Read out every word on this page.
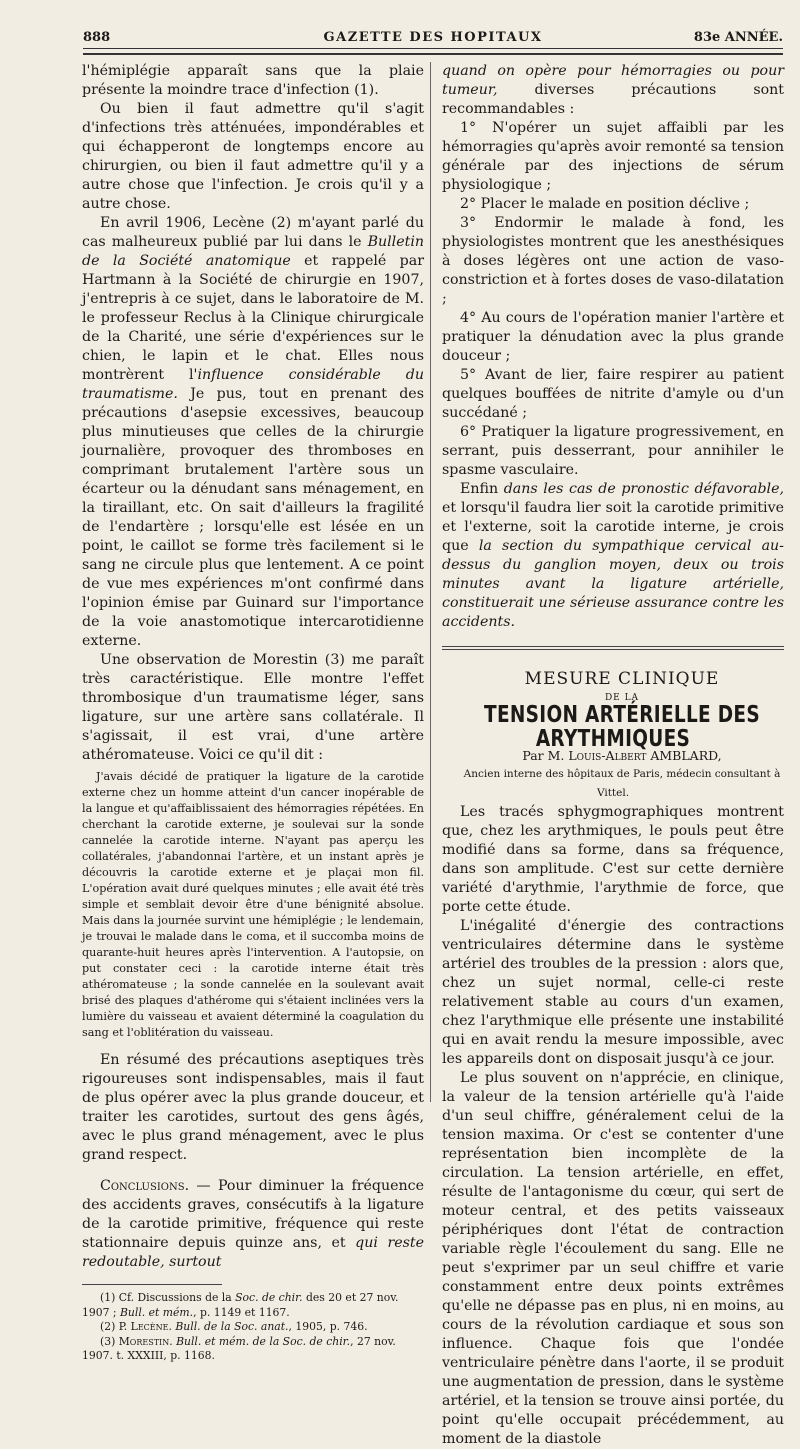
888	GAZETTE DES HOPITAUX	83e ANNÉE.

l'hémiplégie apparaît sans que la plaie présente la moindre trace d'infection (1).

Ou bien il faut admettre qu'il s'agit d'infections très atténuées, impondérables et qui échapperont de longtemps encore au chirurgien, ou bien il faut admettre qu'il y a autre chose que l'infection. Je crois qu'il y a autre chose.

En avril 1906, Lecène (2) m'ayant parlé du cas malheureux publié par lui dans le Bulletin de la Société anatomique et rappelé par Hartmann à la Société de chirurgie en 1907, j'entrepris à ce sujet, dans le laboratoire de M. le professeur Reclus à la Clinique chirurgicale de la Charité, une série d'expériences sur le chien, le lapin et le chat. Elles nous montrèrent l'influence considérable du traumatisme. Je pus, tout en prenant des précautions d'asepsie excessives, beaucoup plus minutieuses que celles de la chirurgie journalière, provoquer des thromboses en comprimant brutalement l'artère sous un écarteur ou la dénudant sans ménagement, en la tiraillant, etc. On sait d'ailleurs la fragilité de l'endartère ; lorsqu'elle est lésée en un point, le caillot se forme très facilement si le sang ne circule plus que lentement. A ce point de vue mes expériences m'ont confirmé dans l'opinion émise par Guinard sur l'importance de la voie anastomotique intercarotidienne externe.

Une observation de Morestin (3) me paraît très caractéristique. Elle montre l'effet thrombosique d'un traumatisme léger, sans ligature, sur une artère sans collatérale. Il s'agissait, il est vrai, d'une artère athéromateuse. Voici ce qu'il dit :

J'avais décidé de pratiquer la ligature de la carotide externe chez un homme atteint d'un cancer inopérable de la langue et qu'affaiblissaient des hémorragies répétées. En cherchant la carotide externe, je soulevai sur la sonde cannelée la carotide interne. N'ayant pas aperçu les collatérales, j'abandonnai l'artère, et un instant après je découvris la carotide externe et je plaçai mon fil. L'opération avait duré quelques minutes ; elle avait été très simple et semblait devoir être d'une bénignité absolue. Mais dans la journée survint une hémiplégie ; le lendemain, je trouvai le malade dans le coma, et il succomba moins de quarante-huit heures après l'intervention. A l'autopsie, on put constater ceci : la carotide interne était très athéromateuse ; la sonde cannelée en la soulevant avait brisé des plaques d'athérome qui s'étaient inclinées vers la lumière du vaisseau et avaient déterminé la coagulation du sang et l'oblitération du vaisseau.

En résumé des précautions aseptiques très rigoureuses sont indispensables, mais il faut de plus opérer avec la plus grande douceur, et traiter les carotides, surtout des gens âgés, avec le plus grand ménagement, avec le plus grand respect.

Conclusions. — Pour diminuer la fréquence des accidents graves, consécutifs à la ligature de la carotide primitive, fréquence qui reste stationnaire depuis quinze ans, et qui reste redoutable, surtout

(1) Cf. Discussions de la Soc. de chir. des 20 et 27 nov. 1907 ; Bull. et mém., p. 1149 et 1167.

(2) P. Lecène. Bull. de la Soc. anat., 1905, p. 746.

(3) Morestin. Bull. et mém. de la Soc. de chir., 27 nov. 1907. t. XXXIII, p. 1168.

quand on opère pour hémorragies ou pour tumeur, diverses précautions sont recommandables :

1° N'opérer un sujet affaibli par les hémorragies qu'après avoir remonté sa tension générale par des injections de sérum physiologique ;

2° Placer le malade en position déclive ;

3° Endormir le malade à fond, les physiologistes montrent que les anesthésiques à doses légères ont une action de vaso-constriction et à fortes doses de vaso-dilatation ;

4° Au cours de l'opération manier l'artère et pratiquer la dénudation avec la plus grande douceur ;

5° Avant de lier, faire respirer au patient quelques bouffées de nitrite d'amyle ou d'un succédané ;

6° Pratiquer la ligature progressivement, en serrant, puis desserrant, pour annihiler le spasme vasculaire.

Enfin dans les cas de pronostic défavorable, et lorsqu'il faudra lier soit la carotide primitive et l'externe, soit la carotide interne, je crois que la section du sympathique cervical au-dessus du ganglion moyen, deux ou trois minutes avant la ligature artérielle, constituerait une sérieuse assurance contre les accidents.

MESURE CLINIQUE

DE LA

TENSION ARTÉRIELLE DES ARYTHMIQUES

Par M. Louis-Albert AMBLARD,

Ancien interne des hôpitaux de Paris, médecin consultant à Vittel.

Les tracés sphygmographiques montrent que, chez les arythmiques, le pouls peut être modifié dans sa forme, dans sa fréquence, dans son amplitude. C'est sur cette dernière variété d'arythmie, l'arythmie de force, que porte cette étude.

L'inégalité d'énergie des contractions ventriculaires détermine dans le système artériel des troubles de la pression : alors que, chez un sujet normal, celle-ci reste relativement stable au cours d'un examen, chez l'arythmique elle présente une instabilité qui en avait rendu la mesure impossible, avec les appareils dont on disposait jusqu'à ce jour.

Le plus souvent on n'apprécie, en clinique, la valeur de la tension artérielle qu'à l'aide d'un seul chiffre, généralement celui de la tension maxima. Or c'est se contenter d'une représentation bien incomplète de la circulation. La tension artérielle, en effet, résulte de l'antagonisme du cœur, qui sert de moteur central, et des petits vaisseaux périphériques dont l'état de contraction variable règle l'écoulement du sang. Elle ne peut s'exprimer par un seul chiffre et varie constamment entre deux points extrêmes qu'elle ne dépasse pas en plus, ni en moins, au cours de la révolution cardiaque et sous son influence. Chaque fois que l'ondée ventriculaire pénètre dans l'aorte, il se produit une augmentation de pression, dans le système artériel, et la tension se trouve ainsi portée, du point qu'elle occupait précédemment, au moment de la diastole
